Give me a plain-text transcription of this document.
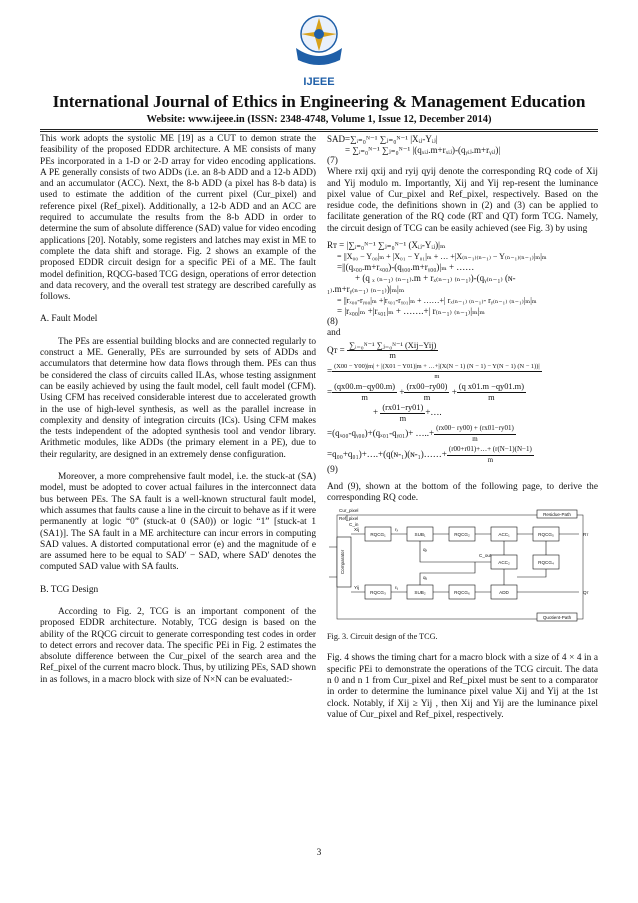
IJEEE
International Journal of Ethics in Engineering & Management Education
Website: www.ijeee.in (ISSN: 2348-4748, Volume 1, Issue 12, December 2014)

This work adopts the systolic ME [19] as a CUT to demon strate the feasibility of the proposed EDDR architecture. A ME consists of many PEs incorporated in a 1-D or 2-D array for video encoding applications. A PE generally consists of two ADDs (i.e. an 8-b ADD and a 12-b ADD) and an accumulator (ACC). Next, the 8-b ADD (a pixel has 8-b data) is used to estimate the addition of the current pixel (Cur_pixel) and reference pixel (Ref_pixel). Additionally, a 12-b ADD and an ACC are required to accumulate the results from the 8-b ADD in order to determine the sum of absolute difference (SAD) value for video encoding applications [20]. Notably, some registers and latches may exist in ME to complete the data shift and storage. Fig. 2 shows an example of the proposed EDDR circuit design for a specific PEi of a ME. The fault model definition, RQCG-based TCG design, operations of error detection and data recovery, and the overall test strategy are described carefully as follows.

A. Fault Model

The PEs are essential building blocks and are connected regularly to construct a ME. Generally, PEs are surrounded by sets of ADDs and accumulators that determine how data flows through them. PEs can thus be considered the class of circuits called ILAs, whose testing assignment can be easily achieved by using the fault model, cell fault model (CFM). Using CFM has received considerable interest due to accelerated growth in the use of high-level synthesis, as well as the parallel increase in complexity and density of integration circuits (ICs). Using CFM makes the tests independent of the adopted synthesis tool and vendor library. Arithmetic modules, like ADDs (the primary element in a PE), due to their regularity, are designed in an extremely dense configuration.

Moreover, a more comprehensive fault model, i.e. the stuck-at (SA) model, must be adopted to cover actual failures in the interconnect data bus between PEs. The SA fault is a well-known structural fault model, which assumes that faults cause a line in the circuit to behave as if it were permanently at logic “0” (stuck-at 0 (SA0)) or logic “1” [stuck-at 1 (SA1)]. The SA fault in a ME architecture can incur errors in computing SAD values. A distorted computational error (e) and the magnitude of e are assumed here to be equal to SAD′ − SAD, where SAD′ denotes the computed SAD value with SA faults.

B. TCG Design

According to Fig. 2, TCG is an important component of the proposed EDDR architecture. Notably, TCG design is based on the ability of the RQCG circuit to generate corresponding test codes in order to detect errors and recover data. The specific PEi in Fig. 2 estimates the absolute difference between the Cur_pixel of the search area and the Ref_pixel of the current macro block. Thus, by utilizing PEs, SAD shown in as follows, in a macro block with size of N×N can be evaluated:-

SAD=∑ᵢ₌₀ᴺ⁻¹ ∑ⱼ₌₀ᴺ⁻¹ |Xᵢⱼ-Yᵢⱼ|

= ∑ᵢ₌₀ᴺ⁻¹ ∑ⱼ₌₀ᴺ⁻¹ |(qₓᵢⱼ.m+rₓᵢⱼ)-(qᵧᵢⱼ.m+rᵧᵢⱼ)|

(7)

Where rxij qxij and ryij qyij denote the corresponding RQ code of Xij and Yij modulo m. Importantly, Xij and Yij rep-resent the luminance pixel value of Cur_pixel and Ref_pixel, respectively. Based on the residue code, the definitions shown in (2) and (3) can be applied to facilitate generation of the RQ code (RT and QT) form TCG. Namely, the circuit design of TCG can be easily achieved (see Fig. 3) by using

Rᴛ = |∑ᵢ₌₀ᴺ⁻¹ ∑ⱼ₌₀ᴺ⁻¹ (Xᵢⱼ-Yᵢⱼ)|ₘ

= ||X₀₀ − Y₀₀|ₘ + |X₀₁ − Y₀₁|ₘ + … +|X₍ₙ₋₁₎₍ₙ₋₁₎ − Y₍ₙ₋₁₎₍ₙ₋₁₎|ₘ|ₘ

=||(qₓ₀₀.m+rₓ₀₀)-(qᵧ₀₀.m+rᵧ₀₀)|ₘ + ……

+ (q ₓ ₍ₙ₋₁₎ ₍ₙ₋₁₎.m + rₓ₍ₙ₋₁₎ ₍ₙ₋₁₎)-(qᵧ₍ₙ₋₁₎ (ɴ-

₁₎.m+rᵧ₍ₙ₋₁₎ ₍ₙ₋₁₎)|ₘ|ₘ

= ||rₓ₀₀-rᵧ₀₀|ₘ +|rₓ₀₁-rᵧ₀₁|ₘ + ……+| rₓ₍ₙ₋₁₎ ₍ₙ₋₁₎- rᵧ₍ₙ₋₁₎ ₍ₙ₋₁₎|ₘ|ₘ

= |rₓ₀₀|ₘ +|rₓ₀₁|ₘ + …….+| r₍ₙ₋₁₎ ₍ₙ₋₁₎|ₘ|ₘ

(8)

and

Qᴛ = $\frac{\text{∑ᵢ₌₀ᴺ⁻¹ ∑ⱼ₌₀ᴺ⁻¹ (Xij−Yij)}}{m}$

= (X00 − Y00)|m| + |(X01 − Y01)|m + …+|(X(N − 1) (N − 1) − Y(N − 1) (N − 1))|
m

= $\frac{(qx00.m-qy00.m)}{m} + \frac{(rx00-ry00)}{m} + \frac{\text{(q x01.m −qy01.m)}}{m}$

+ $\frac{(rx01-ry01)}{m}$ +….

=(qₓ₀₀-qᵧ₀₀)+(qₓ₀₁-qᵧ₀₁)+ …..+ $\frac{(rx00- ry00) + (rx01-ry01)}{m}$

=q₀₀+q₀₁)+….+(q(ɴ-₁)(ɴ-₁)……+ $\frac{(r00+r01)+\dots+ (r(N-1)(N-1)}{m}$

(9)

And (9), shown at the bottom of the following page, to derive the corresponding RQ code.

Cur_pixel
Ref_pixel
Residue-Path
Quotient-Path
Comparator
RQCG₁	SUB₁	RQCG₂	ACC₁	RQCG₅
ACC₂	RQCG₄
RQCG₃	SUB₂	RQCG₆	ADD
Rᴛ
Qᴛ
Xij
Yij
rₓ
rᵧ
qₓ
qᵧ
C_in
C_out

Fig. 3. Circuit design of the TCG.

Fig. 4 shows the timing chart for a macro block with a size of 4 × 4 in a specific PEi to demonstrate the operations of the TCG circuit. The data n 0 and n 1 from Cur_pixel and Ref_pixel must be sent to a comparator in order to determine the luminance pixel value Xij and Yij at the 1st clock. Notably, if Xij ≥ Yij , then Xij and Yij are the luminance pixel value of Cur_pixel and Ref_pixel, respectively.

3
